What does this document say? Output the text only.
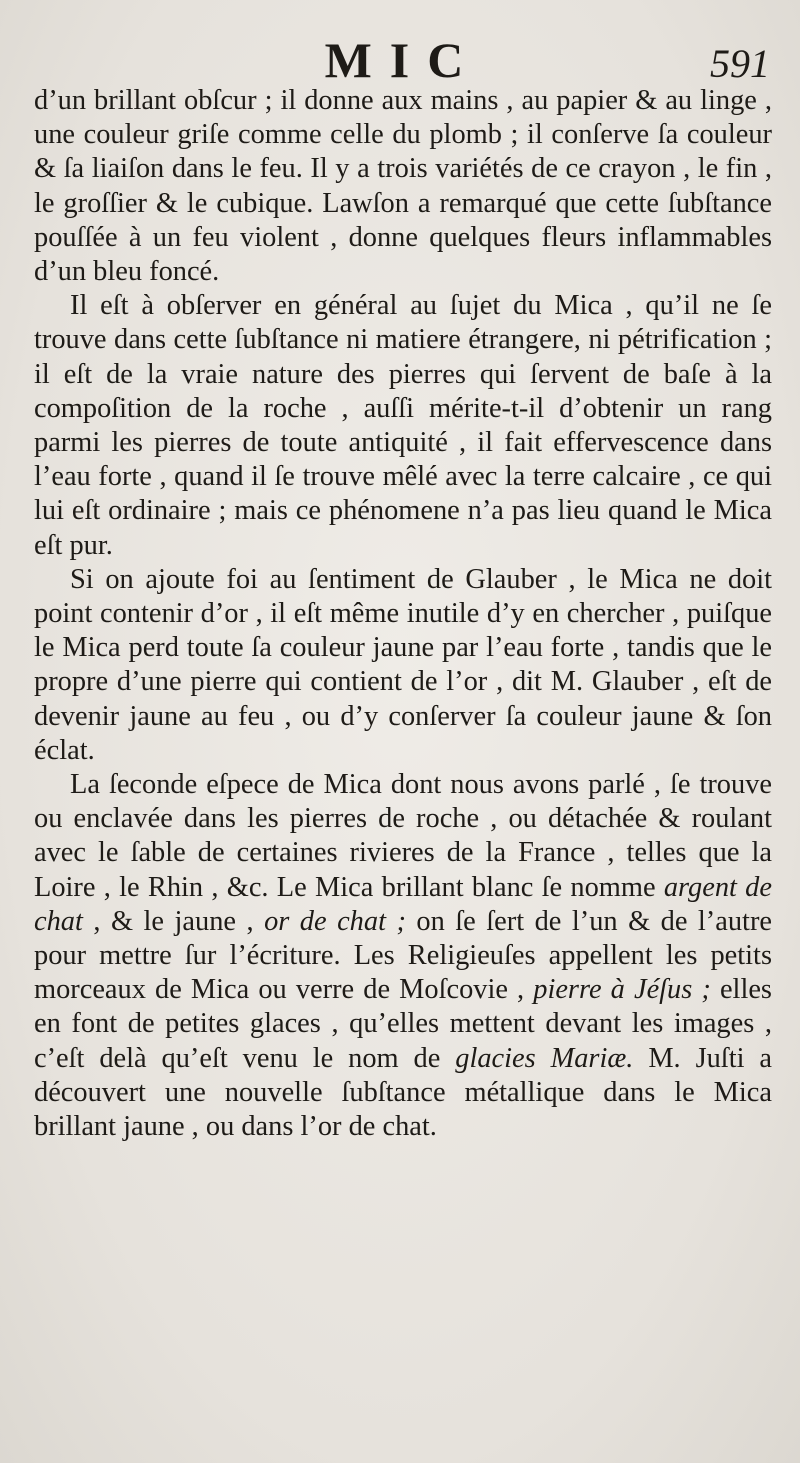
MIC	591

d’un brillant obſcur ; il donne aux mains , au papier & au linge , une couleur griſe comme celle du plomb ; il conſerve ſa couleur & ſa liaiſon dans le feu. Il y a trois variétés de ce crayon , le fin , le groſſier & le cubique. Lawſon a remarqué que cette ſubſtance pouſſée à un feu violent , donne quelques fleurs inflammables d’un bleu foncé.

Il eſt à obſerver en général au ſujet du Mica , qu’il ne ſe trouve dans cette ſubſtance ni matiere étrangere, ni pétrification ; il eſt de la vraie nature des pierres qui ſervent de baſe à la compoſition de la roche , auſſi mérite-t-il d’obtenir un rang parmi les pierres de toute antiquité , il fait effervescence dans l’eau forte , quand il ſe trouve mêlé avec la terre calcaire , ce qui lui eſt ordinaire ; mais ce phénomene n’a pas lieu quand le Mica eſt pur.

Si on ajoute foi au ſentiment de Glauber , le Mica ne doit point contenir d’or , il eſt même inutile d’y en chercher , puiſque le Mica perd toute ſa couleur jaune par l’eau forte , tandis que le propre d’une pierre qui contient de l’or , dit M. Glauber , eſt de devenir jaune au feu , ou d’y conſerver ſa couleur jaune & ſon éclat.

La ſeconde eſpece de Mica dont nous avons parlé , ſe trouve ou enclavée dans les pierres de roche , ou détachée & roulant avec le ſable de certaines rivieres de la France , telles que la Loire , le Rhin , &c. Le Mica brillant blanc ſe nomme argent de chat , & le jaune , or de chat ; on ſe ſert de l’un & de l’autre pour mettre ſur l’écriture. Les Religieuſes appellent les petits morceaux de Mica ou verre de Moſcovie , pierre à Jéſus ; elles en font de petites glaces , qu’elles mettent devant les images , c’eſt delà qu’eſt venu le nom de glacies Mariæ. M. Juſti a découvert une nouvelle ſubſtance métallique dans le Mica brillant jaune , ou dans l’or de chat.
